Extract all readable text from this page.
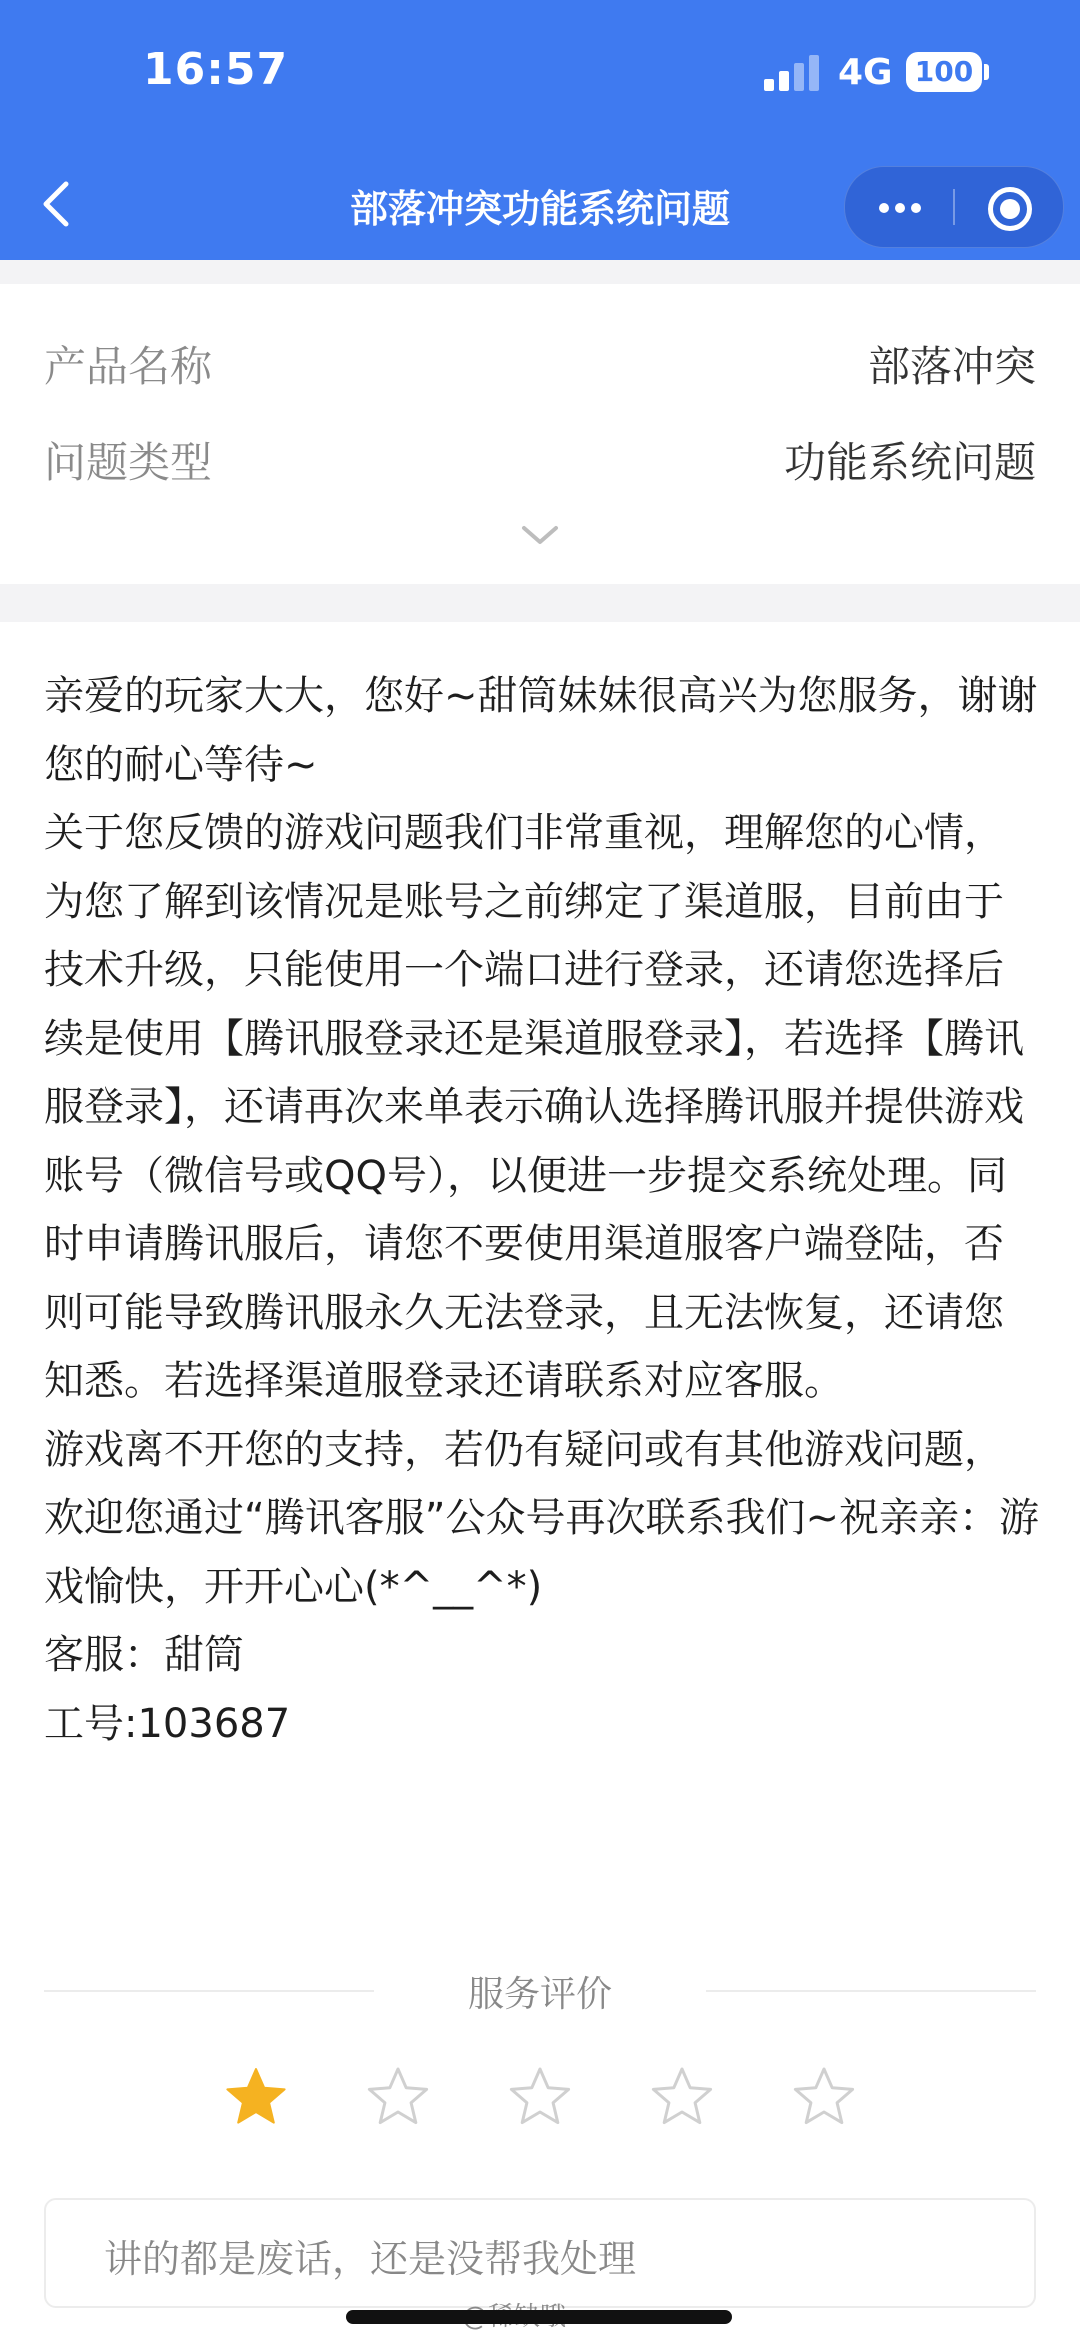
16:57	4G 100
部落冲突功能系统问题
产品名称	部落冲突
问题类型	功能系统问题

亲爱的玩家大大，您好~甜筒妹妹很高兴为您服务，谢谢您的耐心等待~

关于您反馈的游戏问题我们非常重视，理解您的心情，为您了解到该情况是账号之前绑定了渠道服，目前由于技术升级，只能使用一个端口进行登录，还请您选择后续是使用【腾讯服登录还是渠道服登录】，若选择【腾讯服登录】，还请再次来单表示确认选择腾讯服并提供游戏账号（微信号或QQ号），以便进一步提交系统处理。同时申请腾讯服后，请您不要使用渠道服客户端登陆，否则可能导致腾讯服永久无法登录，且无法恢复，还请您知悉。若选择渠道服登录还请联系对应客服。

游戏离不开您的支持，若仍有疑问或有其他游戏问题，欢迎您通过“腾讯客服”公众号再次联系我们~祝亲亲：游戏愉快，开开心心(*^__^*)

客服：甜筒

工号:103687

服务评价
讲的都是废话，还是没帮我处理
